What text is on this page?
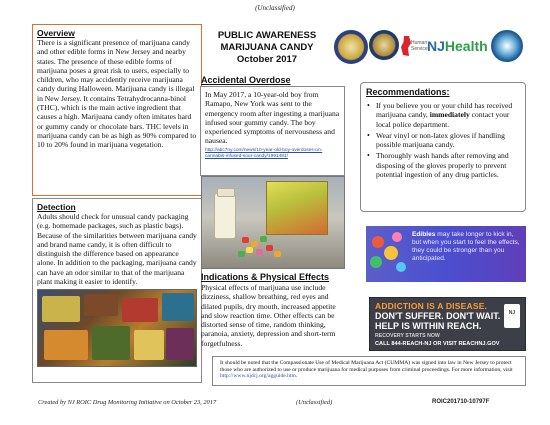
(Unclassified)
Overview
There is a significant presence of marijuana candy and other edible forms in New Jersey and nearby states. The presence of these edible forms of marijuana poses a great risk to users, especially to children, who may accidently receive marijuana candy during Halloween. Marijuana candy is illegal in New Jersey. It contains Tetrahydrocanna-binol (THC), which is the main active ingredient that causes a high. Marijuana candy often imitates hard or gummy candy or chocolate bars. THC levels in marijuana candy can be as high as 90% compared to 10 to 20% found in marijuana vegetation.
Detection
Adults should check for unusual candy packaging (e.g. homemade packages, such as plastic bags). Because of the similarities between marijuana candy and brand name candy, it is often difficult to distinguish the difference based on appearance alone. In addition to the packaging, marijuana candy can have an odor similar to that of the marijuana plant making it easier to identify.
PUBLIC AWARENESS
MARIJUANA CANDY
October 2017
Human Services
NJHealth
Accidental Overdose
In May 2017, a 10-year-old boy from Ramapo, New York was sent to the emergency room after ingesting a marijuana infused sour gummy candy. The boy experienced symptoms of nervousness and nausea.
http://abc7ny.com/news/10-year-old-boy-overdoses-on-cannabis-infused-sour-candy/1991481/
Indications & Physical Effects
Physical effects of marijuana use include dizziness, shallow breathing, red eyes and dilated pupils, dry mouth, increased appetite and slow reaction time. Other effects can be distorted sense of time, random thinking, paranoia, anxiety, depression and short-term forgetfulness.
Recommendations:
• If you believe you or your child has received marijuana candy, immediately contact your local police department.
• Wear vinyl or non-latex gloves if handling possible marijuana candy.
• Thoroughly wash hands after removing and disposing of the gloves properly to prevent potential ingestion of any drug particles.
Edibles may take longer to kick in, but when you start to feel the effects, they could be stronger than you anticipated.
ADDICTION IS A DISEASE.
DON'T SUFFER. DON'T WAIT. HELP IS WITHIN REACH.
RECOVERY STARTS NOW
CALL 844-REACH-NJ OR VISIT REACHNJ.GOV
NJ
It should be noted that the Compassionate Use of Medical Marijuana Act (CUMMA) was signed into law in New Jersey to protect those who are authorized to use or produce marijuana for medical purposes from criminal proceedings. For more information, visit http://www.njdcj.org/agguide.htm.
Created by NJ ROIC Drug Monitoring Initiative on October 23, 2017	(Unclassified)	ROIC201710-10797F
